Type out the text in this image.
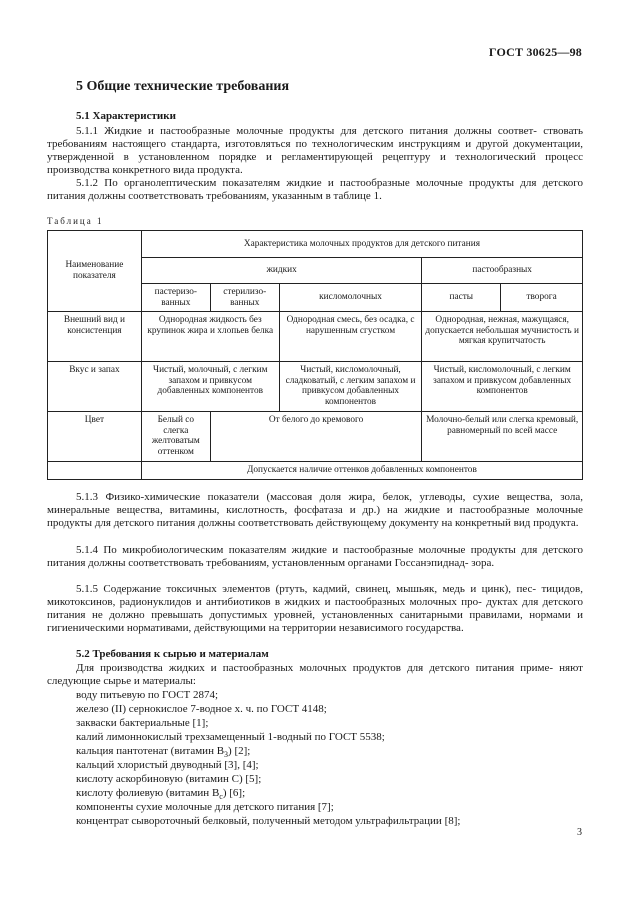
ГОСТ 30625—98
5 Общие технические требования
5.1 Характеристики

5.1.1 Жидкие и пастообразные молочные продукты для детского питания должны соответ- ствовать требованиям настоящего стандарта, изготовляться по технологическим инструкциям и другой документации, утвержденной в установленном порядке и регламентирующей рецептуру и технологический процесс производства конкретного вида продукта.

5.1.2 По органолептическим показателям жидкие и пастообразные молочные продукты для детского питания должны соответствовать требованиям, указанным в таблице 1.

Таблица 1
Наименование показателя	Характеристика молочных продуктов для детского питания				
	жидких			пастообразных	
	пастеризо- ванных	стерилизо- ванных	кисломолочных	пасты	творога
Внешний вид и консистенция	Однородная жидкость без крупинок жира и хлопьев белка		Однородная смесь, без осадка, с нарушенным сгустком	Однородная, нежная, мажущаяся, допускается небольшая мучнистость и мягкая крупитчатость	
Вкус и запах	Чистый, молочный, с легким запахом и привкусом добавленных компонентов		Чистый, кисломолочный, сладковатый, с легким запахом и привкусом добавленных компонентов	Чистый, кисломолочный, с легким запахом и привкусом добавленных компонентов	
Цвет	Белый со слегка желтоватым оттенком	От белого до кремового		Молочно-белый или слегка кремовый, равномерный по всей массе	
	Допускается наличие оттенков добавленных компонентов				

5.1.3 Физико-химические показатели (массовая доля жира, белок, углеводы, сухие вещества, зола, минеральные вещества, витамины, кислотность, фосфатаза и др.) на жидкие и пастообразные молочные продукты для детского питания должны соответствовать действующему документу на конкретный вид продукта.

5.1.4 По микробиологическим показателям жидкие и пастообразные молочные продукты для детского питания должны соответствовать требованиям, установленным органами Госсанэпиднад- зора.

5.1.5 Содержание токсичных элементов (ртуть, кадмий, свинец, мышьяк, медь и цинк), пес- тицидов, микотоксинов, радионуклидов и антибиотиков в жидких и пастообразных молочных про- дуктах для детского питания не должно превышать допустимых уровней, установленных санитарными правилами, нормами и гигиеническими нормативами, действующими на территории независимого государства.

5.2 Требования к сырью и материалам

Для производства жидких и пастообразных молочных продуктов для детского питания приме- няют следующие сырье и материалы:

воду питьевую по ГОСТ 2874;
железо (II) сернокислое 7-водное х. ч. по ГОСТ 4148;
закваски бактериальные [1];
калий лимоннокислый трехзамещенный 1-водный по ГОСТ 5538;
кальция пантотенат (витамин $B_3$) [2];
кальций хлористый двуводный [3], [4];
кислоту аскорбиновую (витамин С) [5];
кислоту фолиевую (витамин $B_c$) [6];
компоненты сухие молочные для детского питания [7];
концентрат сывороточный белковый, полученный методом ультрафильтрации [8];
3
